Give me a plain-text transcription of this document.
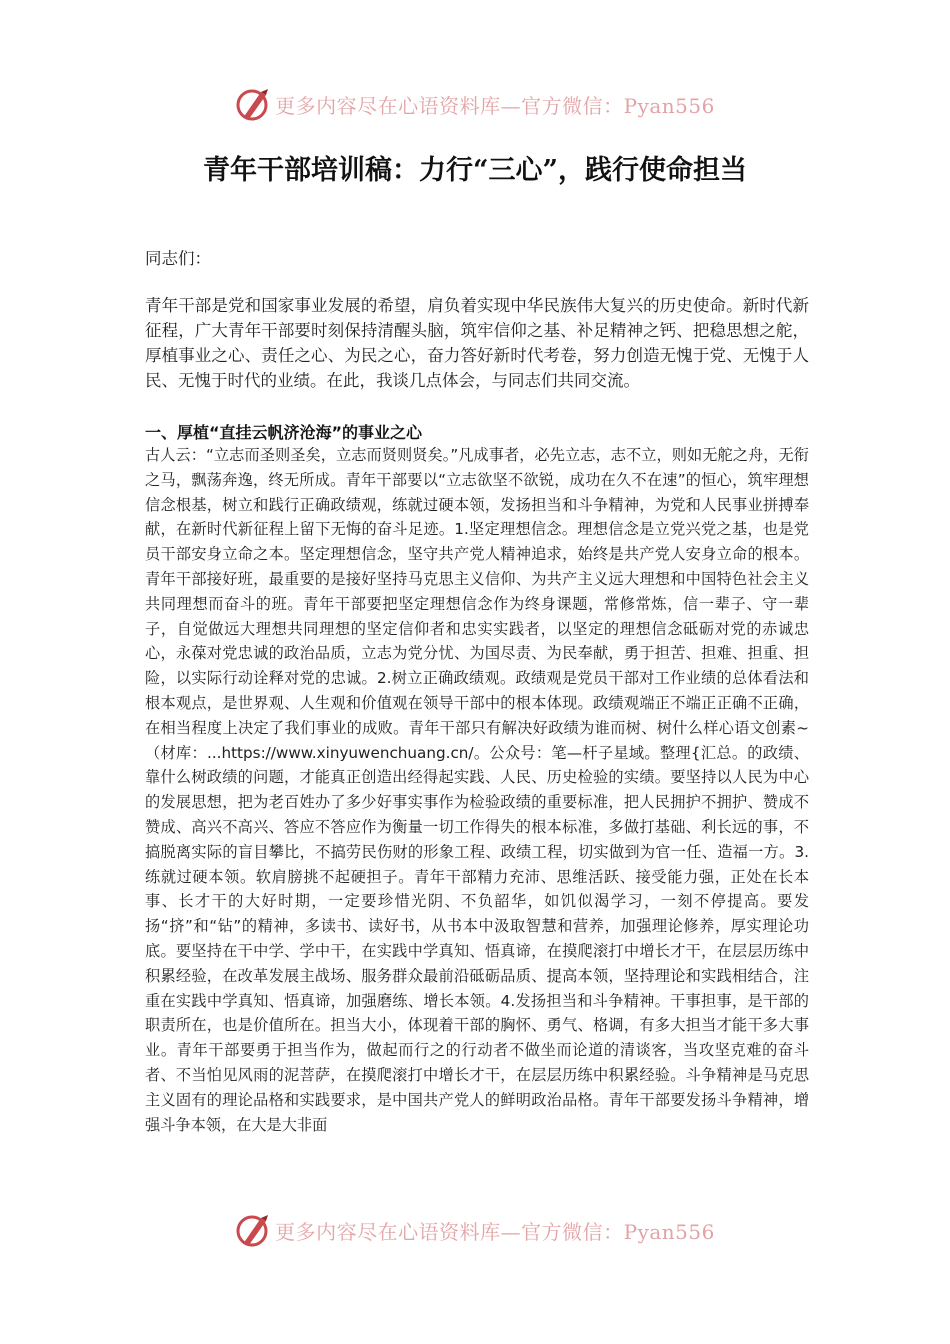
更多内容尽在心语资料库—官方微信：Pyan556
青年干部培训稿：力行“三心”，践行使命担当
同志们：

青年干部是党和国家事业发展的希望，肩负着实现中华民族伟大复兴的历史使命。新时代新征程，广大青年干部要时刻保持清醒头脑，筑牢信仰之基、补足精神之钙、把稳思想之舵，厚植事业之心、责任之心、为民之心，奋力答好新时代考卷，努力创造无愧于党、无愧于人民、无愧于时代的业绩。在此，我谈几点体会，与同志们共同交流。

一、厚植“直挂云帆济沧海”的事业之心

古人云：“立志而圣则圣矣，立志而贤则贤矣。”凡成事者，必先立志，志不立，则如无舵之舟，无衔之马，飘荡奔逸，终无所成。青年干部要以“立志欲坚不欲锐，成功在久不在速”的恒心，筑牢理想信念根基，树立和践行正确政绩观，练就过硬本领，发扬担当和斗争精神，为党和人民事业拼搏奉献，在新时代新征程上留下无悔的奋斗足迹。1.坚定理想信念。理想信念是立党兴党之基，也是党员干部安身立命之本。坚定理想信念，坚守共产党人精神追求，始终是共产党人安身立命的根本。青年干部接好班，最重要的是接好坚持马克思主义信仰、为共产主义远大理想和中国特色社会主义共同理想而奋斗的班。青年干部要把坚定理想信念作为终身课题，常修常炼，信一辈子、守一辈子，自觉做远大理想共同理想的坚定信仰者和忠实实践者，以坚定的理想信念砥砺对党的赤诚忠心，永葆对党忠诚的政治品质，立志为党分忧、为国尽责、为民奉献，勇于担苦、担难、担重、担险，以实际行动诠释对党的忠诚。2.树立正确政绩观。政绩观是党员干部对工作业绩的总体看法和根本观点，是世界观、人生观和价值观在领导干部中的根本体现。政绩观端正不端正正确不正确，在相当程度上决定了我们事业的成败。青年干部只有解决好政绩为谁而树、树什么样心语文创素~（材库：...https://www.xinyuwenchuang.cn/。公众号：笔—杆子星域。整理{汇总。的政绩、靠什么树政绩的问题，才能真正创造出经得起实践、人民、历史检验的实绩。要坚持以人民为中心的发展思想，把为老百姓办了多少好事实事作为检验政绩的重要标准，把人民拥护不拥护、赞成不赞成、高兴不高兴、答应不答应作为衡量一切工作得失的根本标准，多做打基础、利长远的事，不搞脱离实际的盲目攀比，不搞劳民伤财的形象工程、政绩工程，切实做到为官一任、造福一方。3.练就过硬本领。软肩膀挑不起硬担子。青年干部精力充沛、思维活跃、接受能力强，正处在长本事、长才干的大好时期，一定要珍惜光阴、不负韶华，如饥似渴学习，一刻不停提高。要发扬“挤”和“钻”的精神，多读书、读好书，从书本中汲取智慧和营养，加强理论修养，厚实理论功底。要坚持在干中学、学中干，在实践中学真知、悟真谛，在摸爬滚打中增长才干，在层层历练中积累经验，在改革发展主战场、服务群众最前沿砥砺品质、提高本领，坚持理论和实践相结合，注重在实践中学真知、悟真谛，加强磨练、增长本领。4.发扬担当和斗争精神。干事担事，是干部的职责所在，也是价值所在。担当大小，体现着干部的胸怀、勇气、格调，有多大担当才能干多大事业。青年干部要勇于担当作为，做起而行之的行动者不做坐而论道的清谈客，当攻坚克难的奋斗者、不当怕见风雨的泥菩萨，在摸爬滚打中增长才干，在层层历练中积累经验。斗争精神是马克思主义固有的理论品格和实践要求，是中国共产党人的鲜明政治品格。青年干部要发扬斗争精神，增强斗争本领，在大是大非面

更多内容尽在心语资料库—官方微信：Pyan556
